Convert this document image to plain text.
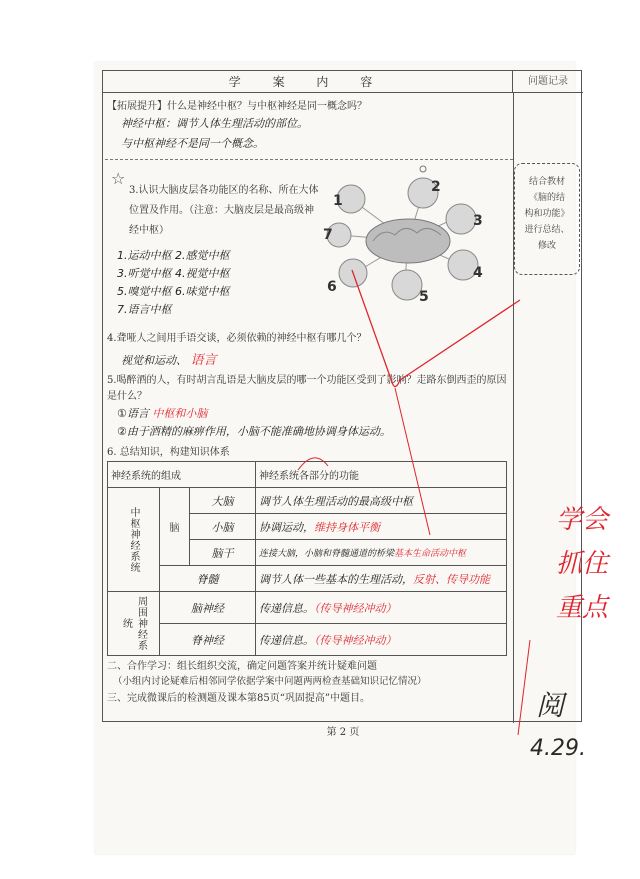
学 案 内 容	问题记录
【拓展提升】什么是神经中枢？与中枢神经是同一概念吗？
神经中枢：调节人体生理活动的部位。
与中枢神经不是同一个概念。
☆
3.认识大脑皮层各功能区的名称、所在大体位置及作用。（注意：大脑皮层是最高级神经中枢）
1.运动中枢 2.感觉中枢
3.听觉中枢 4.视觉中枢
5.嗅觉中枢 6.味觉中枢
7.语言中枢
1
2
3
4
5
6
7
结合教材
《脑的结
构和功能》
进行总结、
修改
4.聋哑人之间用手语交谈，必须依赖的神经中枢有哪几个？
视觉和运动、 语言
5.喝醉酒的人，有时胡言乱语是大脑皮层的哪一个功能区受到了影响？走路东倒西歪的原因是什么？
①语言 中枢和小脑
②由于酒精的麻痹作用，小脑不能准确地协调身体运动。
6. 总结知识，构建知识体系
神经系统的组成			神经系统各部分的功能
中枢神经系统	脑	大脑	调节人体生理活动的最高级中枢
		小脑	协调运动，维持身体平衡
		脑干	连接大脑，小脑和脊髓通道的桥梁基本生命活动中枢
	脊髓		调节人体一些基本的生理活动，反射、传导功能
周围神经系统	脑神经		传递信息。（传导神经冲动）
	脊神经		传递信息。（传导神经冲动）
二、合作学习：组长组织交流，确定问题答案并统计疑难问题
（小组内讨论疑难后相邻同学依据学案中问题两两检查基础知识记忆情况）
三、完成微课后的检测题及课本第85页“巩固提高”中题目。
第 2 页
学会
抓住
重点
阅
4.29.
